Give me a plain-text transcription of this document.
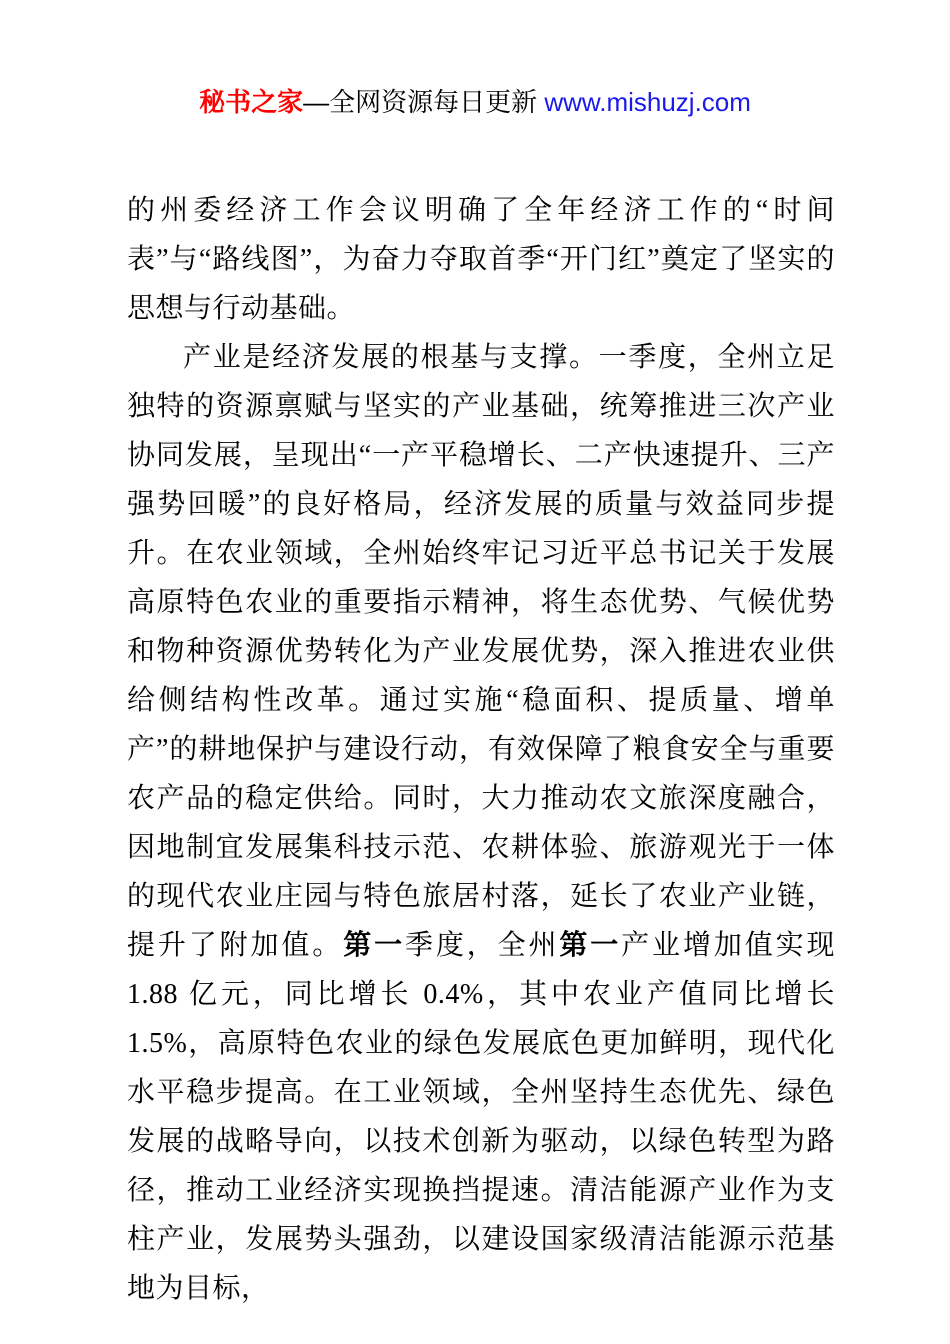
秘书之家—全网资源每日更新 www.mishuzj.com

的州委经济工作会议明确了全年经济工作的“时间表”与“路线图”，为奋力夺取首季“开门红”奠定了坚实的思想与行动基础。

产业是经济发展的根基与支撑。一季度，全州立足独特的资源禀赋与坚实的产业基础，统筹推进三次产业协同发展，呈现出“一产平稳增长、二产快速提升、三产强势回暖”的良好格局，经济发展的质量与效益同步提升。在农业领域，全州始终牢记习近平总书记关于发展高原特色农业的重要指示精神，将生态优势、气候优势和物种资源优势转化为产业发展优势，深入推进农业供给侧结构性改革。通过实施“稳面积、提质量、增单产”的耕地保护与建设行动，有效保障了粮食安全与重要农产品的稳定供给。同时，大力推动农文旅深度融合，因地制宜发展集科技示范、农耕体验、旅游观光于一体的现代农业庄园与特色旅居村落，延长了农业产业链，提升了附加值。第一季度，全州第一产业增加值实现 1.88 亿元，同比增长 0.4%，其中农业产值同比增长 1.5%，高原特色农业的绿色发展底色更加鲜明，现代化水平稳步提高。在工业领域，全州坚持生态优先、绿色发展的战略导向，以技术创新为驱动，以绿色转型为路径，推动工业经济实现换挡提速。清洁能源产业作为支柱产业，发展势头强劲，以建设国家级清洁能源示范基地为目标，
